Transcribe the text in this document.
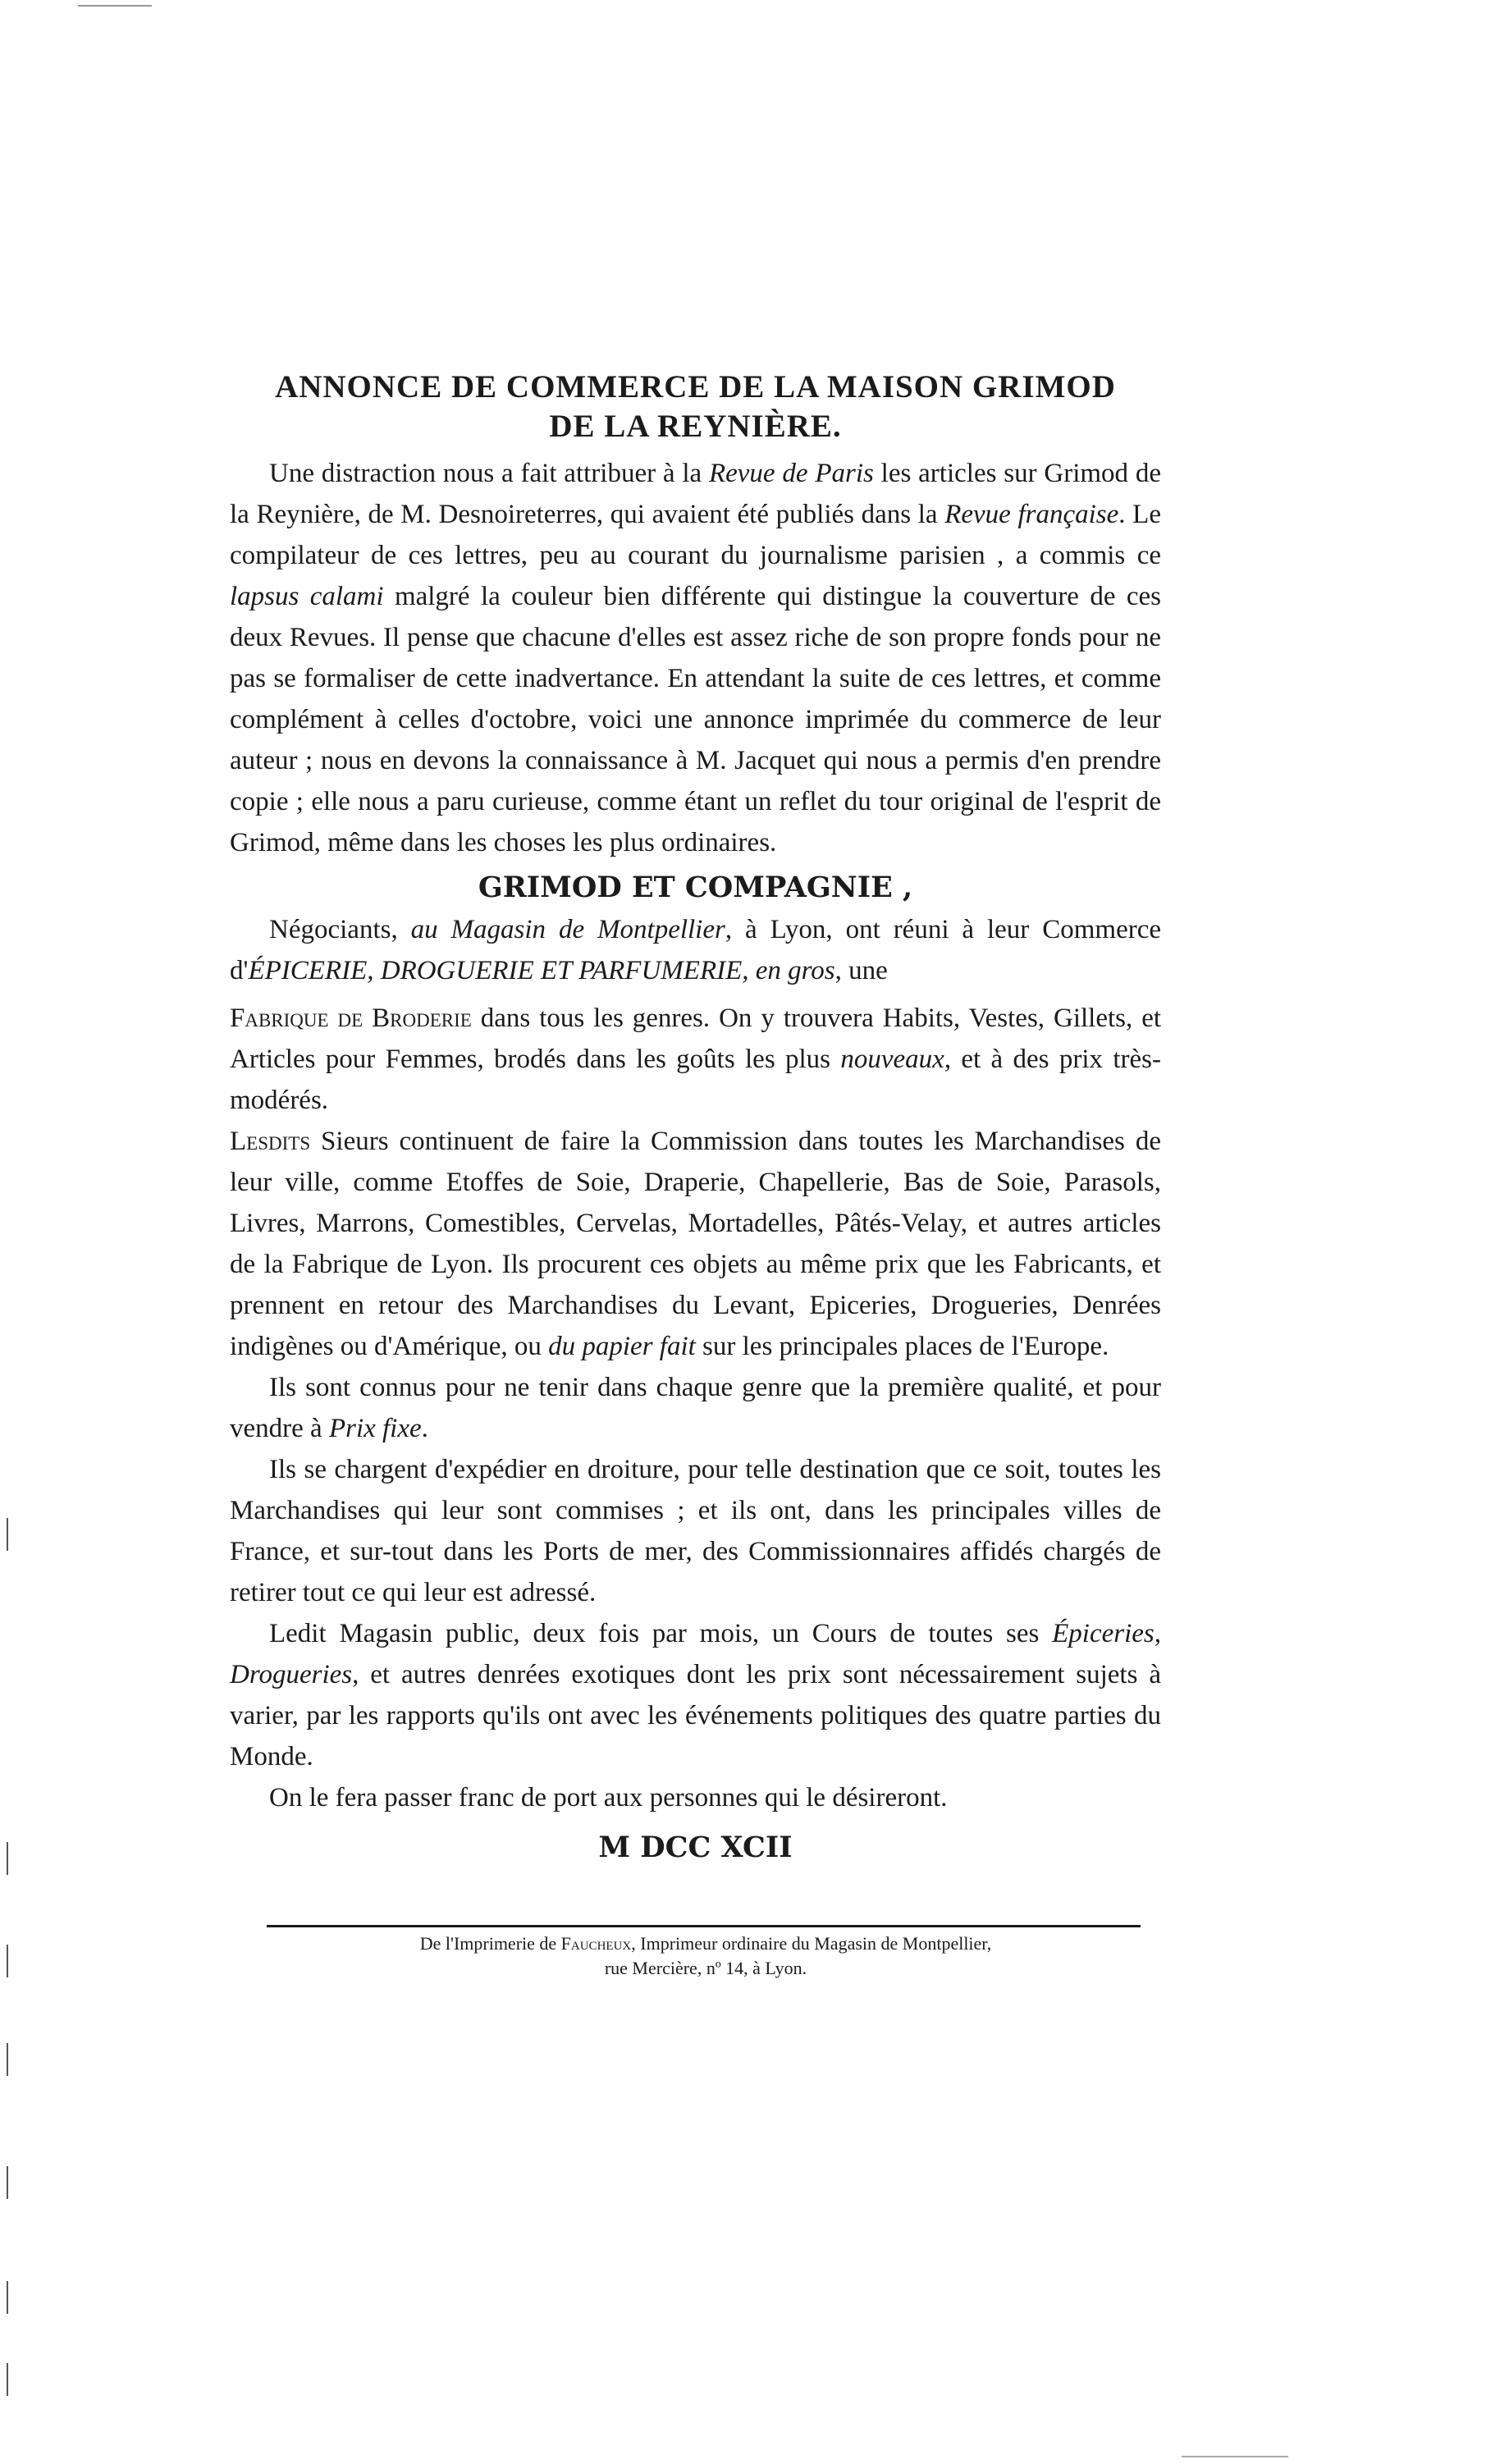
ANNONCE DE COMMERCE DE LA MAISON GRIMOD
DE LA REYNIÈRE.

Une distraction nous a fait attribuer à la Revue de Paris les articles sur Grimod de la Reynière, de M. Desnoireterres, qui avaient été publiés dans la Revue française. Le compilateur de ces lettres, peu au courant du journalisme parisien , a commis ce lapsus calami malgré la couleur bien différente qui distingue la couverture de ces deux Revues. Il pense que chacune d'elles est assez riche de son propre fonds pour ne pas se formaliser de cette inadvertance. En attendant la suite de ces lettres, et comme complément à celles d'octobre, voici une annonce imprimée du commerce de leur auteur ; nous en devons la connaissance à M. Jacquet qui nous a permis d'en prendre copie ; elle nous a paru curieuse, comme étant un reflet du tour original de l'esprit de Grimod, même dans les choses les plus ordinaires.

GRIMOD ET COMPAGNIE ,

Négociants, au Magasin de Montpellier, à Lyon, ont réuni à leur Commerce d'ÉPICERIE, DROGUERIE ET PARFUMERIE, en gros, une

Fabrique de Broderie dans tous les genres. On y trouvera Habits, Vestes, Gillets, et Articles pour Femmes, brodés dans les goûts les plus nouveaux, et à des prix très-modérés.

Lesdits Sieurs continuent de faire la Commission dans toutes les Marchandises de leur ville, comme Etoffes de Soie, Draperie, Chapellerie, Bas de Soie, Parasols, Livres, Marrons, Comestibles, Cervelas, Mortadelles, Pâtés-Velay, et autres articles de la Fabrique de Lyon. Ils procurent ces objets au même prix que les Fabricants, et prennent en retour des Marchandises du Levant, Epiceries, Drogueries, Denrées indigènes ou d'Amérique, ou du papier fait sur les principales places de l'Europe.

Ils sont connus pour ne tenir dans chaque genre que la première qualité, et pour vendre à Prix fixe.

Ils se chargent d'expédier en droiture, pour telle destination que ce soit, toutes les Marchandises qui leur sont commises ; et ils ont, dans les principales villes de France, et sur-tout dans les Ports de mer, des Commissionnaires affidés chargés de retirer tout ce qui leur est adressé.

Ledit Magasin public, deux fois par mois, un Cours de toutes ses Épiceries, Drogueries, et autres denrées exotiques dont les prix sont nécessairement sujets à varier, par les rapports qu'ils ont avec les événements politiques des quatre parties du Monde.

On le fera passer franc de port aux personnes qui le désireront.

M DCC XCII

De l'Imprimerie de Faucheux, Imprimeur ordinaire du Magasin de Montpellier,
rue Mercière, nº 14, à Lyon.
